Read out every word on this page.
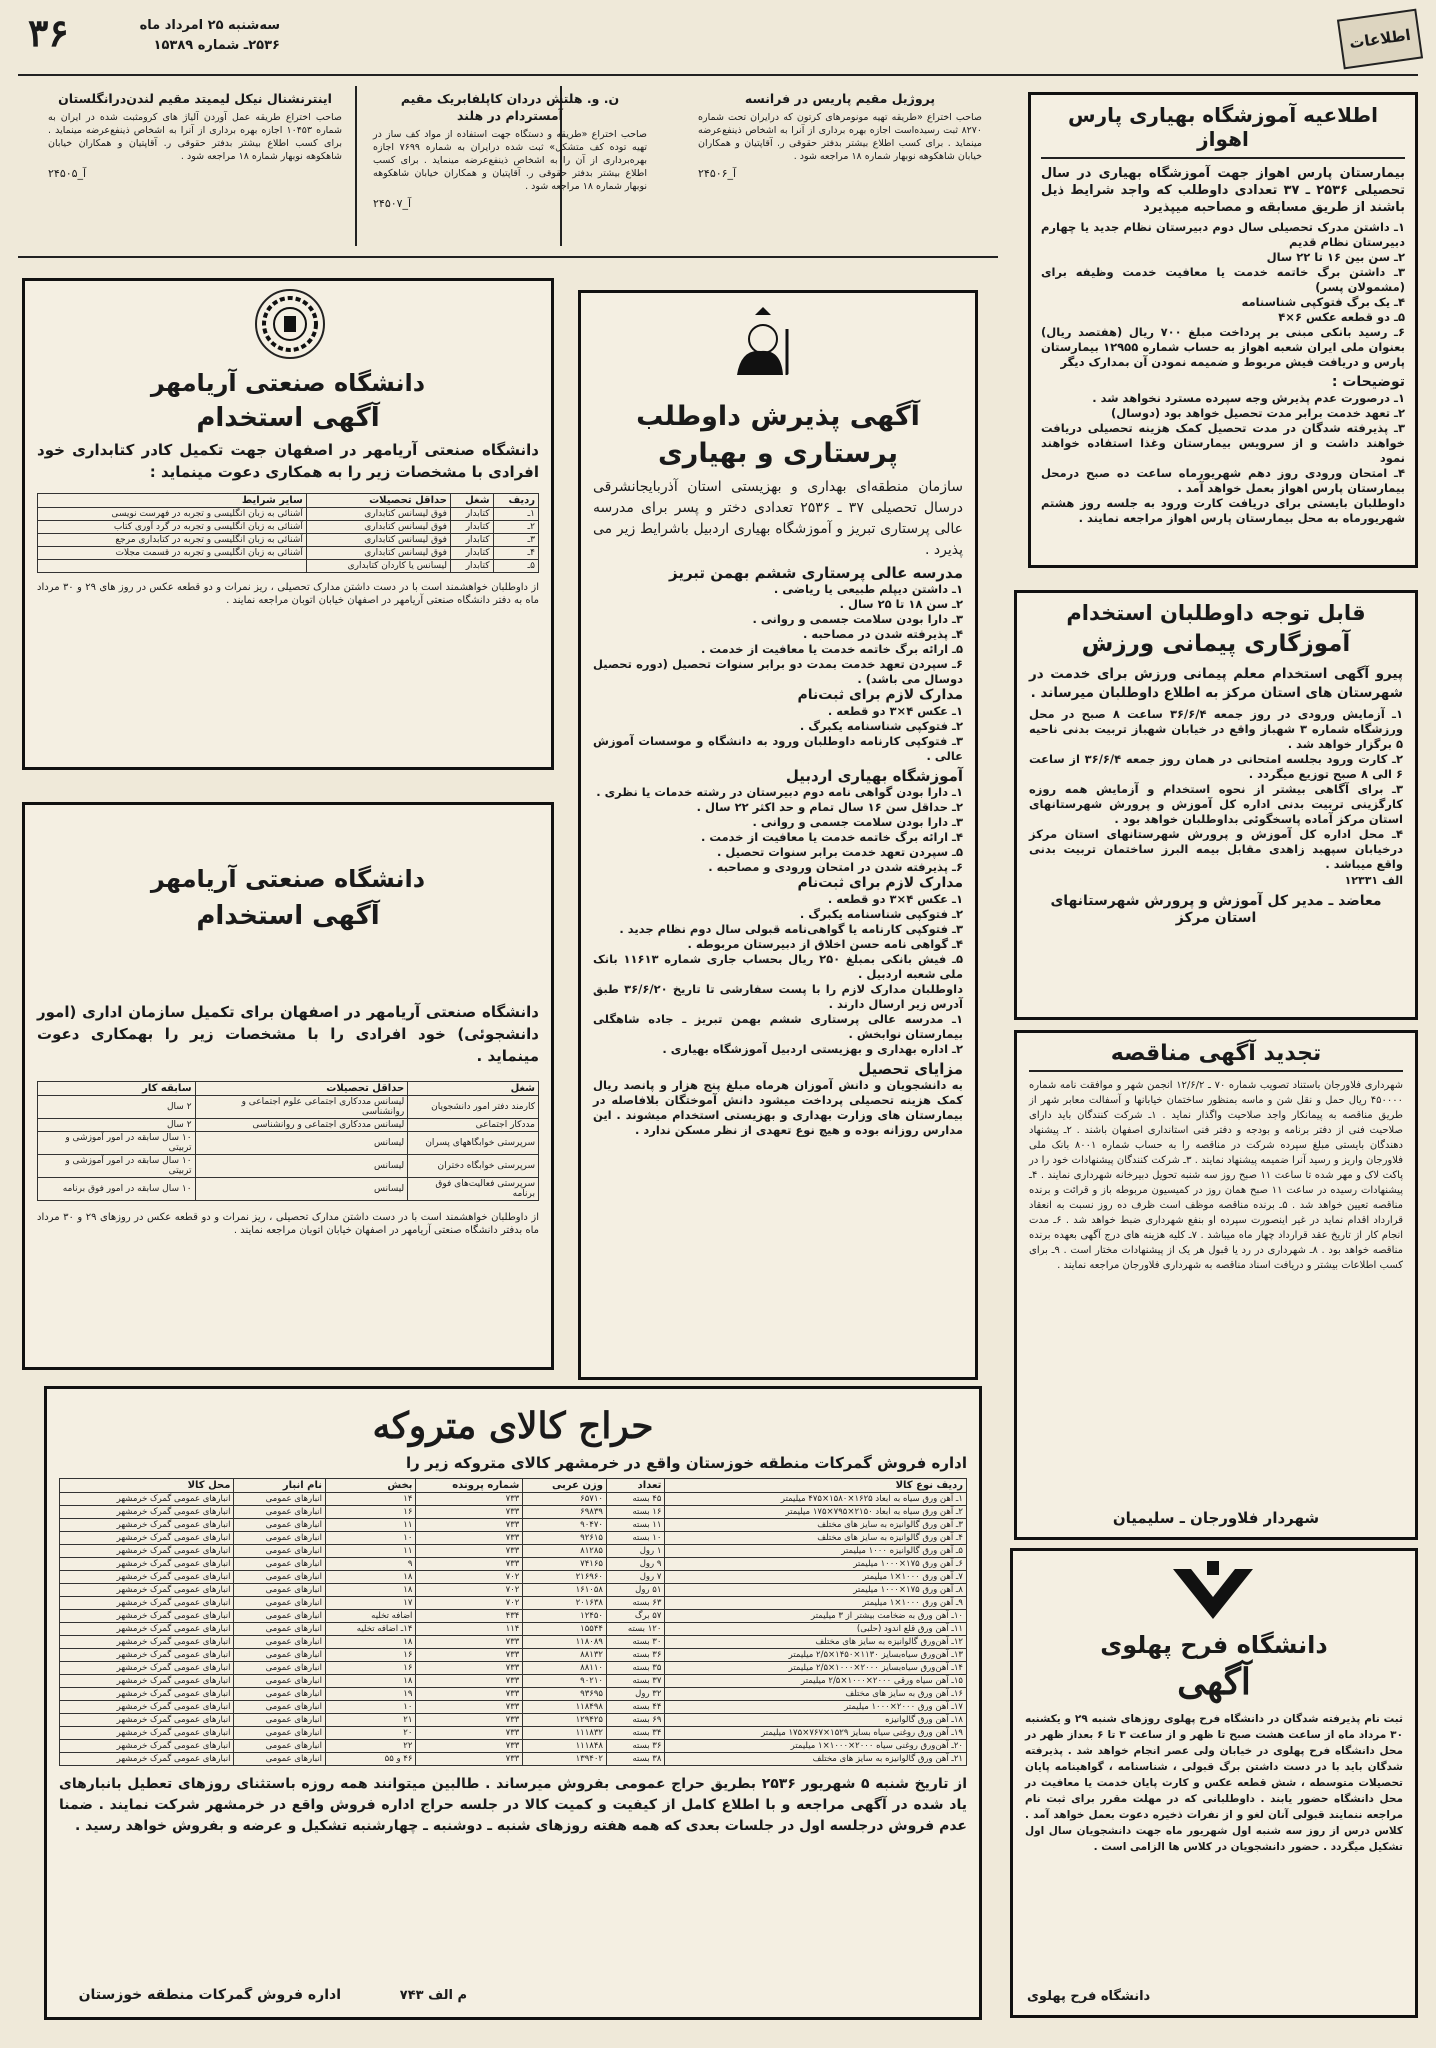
۳۶	سه‌شنبه ۲۵ امرداد ماه
۲۵۳۶ـ شماره ۱۵۳۸۹	اطلاعات
پروژیل مقیم پاریس در فرانسه
صاحب اختراع «طریقه تهیه مونومرهای کرتون که درایران تحت شماره ۸۲۷۰ ثبت رسیده‌است اجازه بهره برداری از آنرا به اشخاص ذینفع‌عرضه مینماید . برای کسب اطلاع بیشتر بدفتر حقوقی ر. آقاپتیان و همکاران خیابان شاهکوهه نوبهار شماره ۱۸ مراجعه شود .
آ_۲۴۵۰۶
ن. و. هلتش دردان کاپلفابریک مقیم آمستردام در هلند
صاحب اختراع «طریقه و دستگاه جهت استفاده از مواد کف ساز در تهیه توده کف متشکل» ثبت شده درایران به شماره ۷۶۹۹ اجازه بهره‌برداری از آن را به اشخاص ذینفع‌عرضه مینماید . برای کسب اطلاع بیشتر بدفتر حقوقی ر. آقاپتیان و همکاران خیابان شاهکوهه نوبهار شماره ۱۸ مراجعه شود .
آ_۲۴۵۰۷
اینترنشنال نیکل لیمیتد مقیم لندن‌درانگلستان
صاحب اختراع طریقه عمل آوردن آلیاژ های کرومثبت شده در ایران به شماره ۱۰۴۵۳ اجازه بهره برداری از آنرا به اشخاص ذینفع‌عرضه مینماید . برای کسب اطلاع بیشتر بدفتر حقوقی ر. آقاپتیان و همکاران خیابان شاهکوهه نوبهار شماره ۱۸ مراجعه شود .
آ_۲۴۵۰۵
اطلاعیه آموزشگاه بهیاری پارس اهواز
بیمارستان پارس اهواز جهت آموزشگاه بهیاری در سال تحصیلی ۲۵۳۶ ـ ۳۷ تعدادی داوطلب که واجد شرایط ذیل باشند از طریق مسابقه و مصاحبه میپذیرد
۱ـ داشتن مدرک تحصیلی سال دوم دبیرستان نظام جدید یا چهارم دبیرستان نظام قدیم
۲ـ سن بین ۱۶ تا ۲۲ سال
۳ـ داشتن برگ خاتمه خدمت یا معافیت خدمت وظیفه برای (مشمولان پسر)
۴ـ یک برگ فتوکپی شناسنامه
۵ـ دو قطعه عکس ۶×۴
۶ـ رسید بانکی مبنی بر پرداخت مبلغ ۷۰۰ ریال (هفتصد ریال) بعنوان ملی ایران شعبه اهواز به حساب شماره ۱۲۹۵۵ بیمارستان پارس و دریافت فیش مربوط و ضمیمه نمودن آن بمدارک دیگر
توضیحات :
۱ـ درصورت عدم پذیرش وجه سپرده مسترد نخواهد شد .
۲ـ تعهد خدمت برابر مدت تحصیل خواهد بود (دوسال)
۳ـ پذیرفته شدگان در مدت تحصیل کمک هزینه تحصیلی دریافت خواهند داشت و از سرویس بیمارستان وغذا استفاده خواهند نمود
۴ـ امتحان ورودی روز دهم شهریورماه ساعت ده صبح درمحل بیمارستان پارس اهواز بعمل خواهد آمد .
داوطلبان بایستی برای دریافت کارت ورود به جلسه روز هشتم شهریورماه به محل بیمارستان پارس اهواز مراجعه نمایند .
قابل توجه داوطلبان استخدام
آموزگاری پیمانی ورزش
پیرو آگهی استخدام معلم پیمانی ورزش برای خدمت در شهرستان های استان مرکز به اطلاع داوطلبان میرساند .
۱ـ آزمایش ورودی در روز جمعه ۳۶/۶/۴ ساعت ۸ صبح در محل ورزشگاه شماره ۳ شهباز واقع در خیابان شهباز تربیت بدنی ناحیه ۵ برگزار خواهد شد .
۲ـ کارت ورود بجلسه امتحانی در همان روز جمعه ۳۶/۶/۴ از ساعت ۶ الی ۸ صبح توزیع میگردد .
۳ـ برای آگاهی بیشتر از نحوه استخدام و آزمایش همه روزه کارگزینی تربیت بدنی اداره کل آموزش و پرورش شهرستانهای استان مرکز آماده پاسخگوئی بداوطلبان خواهد بود .
۴ـ محل اداره کل آموزش و پرورش شهرستانهای استان مرکز درخیابان سپهبد زاهدی مقابل بیمه البرز ساختمان تربیت بدنی واقع میباشد .
الف ۱۲۳۳۱
معاضد ـ مدیر کل آموزش و پرورش شهرستانهای استان مرکز
تجدید آگهی مناقصه
شهرداری فلاورجان باستناد تصویب شماره ۷۰ ـ ۱۲/۶/۲ انجمن شهر و موافقت نامه شماره ۴۵۰۰۰۰ ریال حمل و نقل شن و ماسه بمنظور ساختمان خیابانها و آسفالت معابر شهر از طریق مناقصه به پیمانکار واجد صلاحیت واگذار نماید . ۱ـ شرکت کنندگان باید دارای صلاحیت فنی از دفتر برنامه و بودجه و دفتر فنی استانداری اصفهان باشند . ۲ـ پیشنهاد دهندگان بایستی مبلغ سپرده شرکت در مناقصه را به حساب شماره ۸۰۰۱ بانک ملی فلاورجان واریز و رسید آنرا ضمیمه پیشنهاد نمایند . ۳ـ شرکت کنندگان پیشنهادات خود را در پاکت لاک و مهر شده تا ساعت ۱۱ صبح روز سه شنبه تحویل دبیرخانه شهرداری نمایند . ۴ـ پیشنهادات رسیده در ساعت ۱۱ صبح همان روز در کمیسیون مربوطه باز و قرائت و برنده مناقصه تعیین خواهد شد . ۵ـ برنده مناقصه موظف است ظرف ده روز نسبت به انعقاد قرارداد اقدام نماید در غیر اینصورت سپرده او بنفع شهرداری ضبط خواهد شد . ۶ـ مدت انجام کار از تاریخ عقد قرارداد چهار ماه میباشد . ۷ـ کلیه هزینه های درج آگهی بعهده برنده مناقصه خواهد بود . ۸ـ شهرداری در رد یا قبول هر یک از پیشنهادات مختار است . ۹ـ برای کسب اطلاعات بیشتر و دریافت اسناد مناقصه به شهرداری فلاورجان مراجعه نمایند .
شهردار فلاورجان ـ سلیمیان
دانشگاه فرح پهلوی
آگهی
ثبت نام پذیرفته شدگان در دانشگاه فرح پهلوی روزهای شنبه ۲۹ و یکشنبه ۳۰ مرداد ماه از ساعت هشت صبح تا ظهر و از ساعت ۳ تا ۶ بعداز ظهر در محل دانشگاه فرح پهلوی در خیابان ولی عصر انجام خواهد شد . پذیرفته شدگان باید با در دست داشتن برگ قبولی ، شناسنامه ، گواهینامه پایان تحصیلات متوسطه ، شش قطعه عکس و کارت پایان خدمت یا معافیت در محل دانشگاه حضور یابند . داوطلبانی که در مهلت مقرر برای ثبت نام مراجعه ننمایند قبولی آنان لغو و از نفرات ذخیره دعوت بعمل خواهد آمد . کلاس درس از روز سه شنبه اول شهریور ماه جهت دانشجویان سال اول تشکیل میگردد . حضور دانشجویان در کلاس ها الزامی است .
دانشگاه فرح پهلوی
آگهی پذیرش داوطلب
پرستاری و بهیاری
سازمان منطقه‌ای بهداری و بهزیستی استان آذربایجانشرقی درسال تحصیلی ۳۷ ـ ۲۵۳۶ تعدادی دختر و پسر برای مدرسه عالی پرستاری تبریز و آموزشگاه بهیاری اردبیل باشرایط زیر می پذیرد .
مدرسه عالی پرستاری ششم بهمن تبریز
۱ـ داشتن دیپلم طبیعی یا ریاضی .
۲ـ سن ۱۸ تا ۲۵ سال .
۳ـ دارا بودن سلامت جسمی و روانی .
۴ـ پذیرفته شدن در مصاحبه .
۵ـ ارائه برگ خاتمه خدمت یا معافیت از خدمت .
۶ـ سپردن تعهد خدمت بمدت دو برابر سنوات تحصیل (دوره تحصیل دوسال می باشد) .
مدارک لازم برای ثبت‌نام
۱ـ عکس ۴×۳ دو قطعه .
۲ـ فتوکپی شناسنامه یکبرگ .
۳ـ فتوکپی کارنامه داوطلبان ورود به دانشگاه و موسسات آموزش عالی .
آموزشگاه بهیاری اردبیل
۱ـ دارا بودن گواهی نامه دوم دبیرستان در رشته خدمات یا نظری .
۲ـ حداقل سن ۱۶ سال تمام و حد اکثر ۲۲ سال .
۳ـ دارا بودن سلامت جسمی و روانی .
۴ـ ارائه برگ خاتمه خدمت یا معافیت از خدمت .
۵ـ سپردن تعهد خدمت برابر سنوات تحصیل .
۶ـ پذیرفته شدن در امتحان ورودی و مصاحبه .
مدارک لازم برای ثبت‌نام
۱ـ عکس ۴×۳ دو قطعه .
۲ـ فتوکپی شناسنامه یکبرگ .
۳ـ فتوکپی کارنامه یا گواهی‌نامه قبولی سال دوم نظام جدید .
۴ـ گواهی نامه حسن اخلاق از دبیرستان مربوطه .
۵ـ فیش بانکی بمبلغ ۲۵۰ ریال بحساب جاری شماره ۱۱۶۱۳ بانک ملی شعبه اردبیل .
داوطلبان مدارک لازم را با پست سفارشی تا تاریخ ۳۶/۶/۲۰ طبق آدرس زیر ارسال دارند .
۱ـ مدرسه عالی پرستاری ششم بهمن تبریز ـ جاده شاهگلی بیمارستان نوابخش .
۲ـ اداره بهداری و بهزیستی اردبیل آموزشگاه بهیاری .
مزایای تحصیل
به دانشجویان و دانش آموزان هرماه مبلغ پنج هزار و پانصد ریال کمک هزینه تحصیلی پرداخت میشود دانش آموختگان بلافاصله در بیمارستان های وزارت بهداری و بهزیستی استخدام میشوند . این مدارس روزانه بوده و هیچ نوع تعهدی از نظر مسکن ندارد .
دانشگاه صنعتی آریامهر
آگهی استخدام
دانشگاه صنعتی آریامهر در اصفهان جهت تکمیل کادر کتابداری خود افرادی با مشخصات زیر را به همکاری دعوت مینماید :
ردیف	شغل	حداقل تحصیلات	سایر شرایط
۱ـ	کتابدار	فوق لیسانس کتابداری	آشنائی به زبان انگلیسی و تجربه در فهرست نویسی
۲ـ	کتابدار	فوق لیسانس کتابداری	آشنائی به زبان انگلیسی و تجربه در گرد آوری کتاب
۳ـ	کتابدار	فوق لیسانس کتابداری	آشنائی به زبان انگلیسی و تجربه در کتابداری مرجع
۴ـ	کتابدار	فوق لیسانس کتابداری	آشنائی به زبان انگلیسی و تجربه در قسمت مجلات
۵ـ	کتابدار	لیسانس یا کاردان کتابداری	
از داوطلبان خواهشمند است با در دست داشتن مدارک تحصیلی ، ریز نمرات و دو قطعه عکس در روز های ۲۹ و ۳۰ مرداد ماه به دفتر دانشگاه صنعتی آریامهر در اصفهان خیابان اتوبان مراجعه نمایند .
دانشگاه صنعتی آریامهر
آگهی استخدام
دانشگاه صنعتی آریامهر در اصفهان برای تکمیل سازمان اداری (امور دانشجوئی) خود افرادی را با مشخصات زیر را بهمکاری دعوت مینماید .
شغل	حداقل تحصیلات	سابقه کار
کارمند دفتر امور دانشجویان	لیسانس مددکاری اجتماعی علوم اجتماعی و روانشناسی	۲ سال
مددکار اجتماعی	لیسانس مددکاری اجتماعی و روانشناسی	۲ سال
سرپرستی خوابگاههای پسران	لیسانس	۱۰ سال سابقه در امور آموزشی و تربیتی
سرپرستی خوابگاه دختران	لیسانس	۱۰ سال سابقه در امور آموزشی و تربیتی
سرپرستی فعالیت‌های فوق برنامه	لیسانس	۱۰ سال سابقه در امور فوق برنامه
از داوطلبان خواهشمند است با در دست داشتن مدارک تحصیلی ، ریز نمرات و دو قطعه عکس در روزهای ۲۹ و ۳۰ مرداد ماه بدفتر دانشگاه صنعتی آریامهر در اصفهان خیابان اتوبان مراجعه نمایند .
حراج کالای متروکه
اداره فروش گمرکات منطقه خوزستان واقع در خرمشهر کالای متروکه زیر را
ردیف نوع کالا	تعداد	وزن عربی	شماره پرونده	بخش	نام انبار	محل کالا
۱ـ آهن ورق سیاه به ابعاد ۱۶۲۵×۱۵۸۰×۴۷۵ میلیمتر	۴۵ بسته	۶۵۷۱۰	۷۳۳	۱۴	انبارهای عمومی	انبارهای عمومی گمرک خرمشهر
۲ـ آهن ورق سیاه به ابعاد ۲۱۵۰×۷۹۵×۱۷۵ میلیمتر	۱۶ بسته	۶۹۸۳۹	۷۳۳	۱۶	انبارهای عمومی	انبارهای عمومی گمرک خرمشهر
۳ـ آهن ورق گالوانیزه به سایز های مختلف	۱۱ بسته	۹۰۴۷۰	۷۳۳	۱۱	انبارهای عمومی	انبارهای عمومی گمرک خرمشهر
۴ـ آهن ورق گالوانیزه به سایز های مختلف	۱۰ بسته	۹۲۶۱۵	۷۳۳	۱۰	انبارهای عمومی	انبارهای عمومی گمرک خرمشهر
۵ـ آهن ورق گالوانیزه ۱۰۰۰ میلیمتر	۱ رول	۸۱۲۸۵	۷۳۳	۱۱	انبارهای عمومی	انبارهای عمومی گمرک خرمشهر
۶ـ آهن ورق ۱۷۵×۱۰۰۰ میلیمتر	۹ رول	۷۴۱۶۵	۷۳۳	۹	انبارهای عمومی	انبارهای عمومی گمرک خرمشهر
۷ـ آهن ورق ۱۰۰۰×۱ میلیمتر	۷ رول	۲۱۶۹۶۰	۷۰۲	۱۸	انبارهای عمومی	انبارهای عمومی گمرک خرمشهر
۸ـ آهن ورق ۱۷۵×۱۰۰۰ میلیمتر	۵۱ رول	۱۶۱۰۵۸	۷۰۲	۱۸	انبارهای عمومی	انبارهای عمومی گمرک خرمشهر
۹ـ آهن ورق ۱۰۰۰×۱ میلیمتر	۶۳ بسته	۲۰۱۶۳۸	۷۰۲	۱۷	انبارهای عمومی	انبارهای عمومی گمرک خرمشهر
۱۰ـ آهن ورق به ضخامت بیشتر از ۳ میلیمتر	۵۷ برگ	۱۲۴۵۰	۴۳۴	اضافه تخلیه	انبارهای عمومی	انبارهای عمومی گمرک خرمشهر
۱۱ـ آهن ورق قلع اندود (حلبی)	۱۲۰ بسته	۱۵۵۴۴	۱۱۴	۱۴ـ اضافه تخلیه	انبارهای عمومی	انبارهای عمومی گمرک خرمشهر
۱۲ـ آهن‌ورق گالوانیزه به سایز های مختلف	۳۰ بسته	۱۱۸۰۸۹	۷۳۳	۱۸	انبارهای عمومی	انبارهای عمومی گمرک خرمشهر
۱۳ـ آهن‌ورق سیاه‌بسایز ۱۱۳۰×۱۴۵۰×۲/۵ میلیمتر	۳۶ بسته	۸۸۱۳۲	۷۳۳	۱۶	انبارهای عمومی	انبارهای عمومی گمرک خرمشهر
۱۴ـ آهن‌ورق سیاه‌بسایز ۲۰۰۰×۱۰۰۰×۲/۵ میلیمتر	۳۵ بسته	۸۸۱۱۰	۷۳۳	۱۶	انبارهای عمومی	انبارهای عمومی گمرک خرمشهر
۱۵ـ آهن سیاه ورقی ۲۰۰۰×۱۰۰۰×۲/۵ میلیمتر	۳۷ بسته	۹۰۲۱۰	۷۳۳	۱۸	انبارهای عمومی	انبارهای عمومی گمرک خرمشهر
۱۶ـ آهن ورق به سایز های مختلف	۳۲ رول	۹۳۶۹۵	۷۳۳	۱۹	انبارهای عمومی	انبارهای عمومی گمرک خرمشهر
۱۷ـ آهن ورق ۲۰۰۰×۱۰۰۰ میلیمتر	۴۴ بسته	۱۱۸۴۹۸	۷۳۳	۱۰	انبارهای عمومی	انبارهای عمومی گمرک خرمشهر
۱۸ـ آهن ورق گالوانیزه	۶۹ بسته	۱۲۹۴۲۵	۷۳۳	۲۱	انبارهای عمومی	انبارهای عمومی گمرک خرمشهر
۱۹ـ آهن ورق روغنی سیاه بسایز ۱۵۲۹×۷۶۷×۱۷۵ میلیمتر	۳۴ بسته	۱۱۱۸۳۲	۷۳۳	۲۰	انبارهای عمومی	انبارهای عمومی گمرک خرمشهر
۲۰ـ آهن‌ورق روغنی سیاه ۲۰۰۰×۱۰۰۰×۱ میلیمتر	۳۶ بسته	۱۱۱۸۴۸	۷۳۳	۲۲	انبارهای عمومی	انبارهای عمومی گمرک خرمشهر
۲۱ـ آهن ورق گالوانیزه به سایز های مختلف	۳۸ بسته	۱۳۹۴۰۲	۷۳۳	۴۶ و ۵۵	انبارهای عمومی	انبارهای عمومی گمرک خرمشهر
از تاریخ شنبه ۵ شهریور ۲۵۳۶ بطریق حراج عمومی بفروش میرساند . طالبین میتوانند همه روزه باستثنای روزهای تعطیل بانبارهای یاد شده در آگهی مراجعه و با اطلاع کامل از کیفیت و کمیت کالا در جلسه حراج اداره فروش واقع در خرمشهر شرکت نمایند . ضمنا عدم فروش درجلسه اول در جلسات بعدی که همه هفته روزهای شنبه ـ دوشنبه ـ چهارشنبه تشکیل و عرضه و بفروش خواهد رسید .
م الف ۷۴۳
اداره فروش گمرکات منطقه خوزستان
